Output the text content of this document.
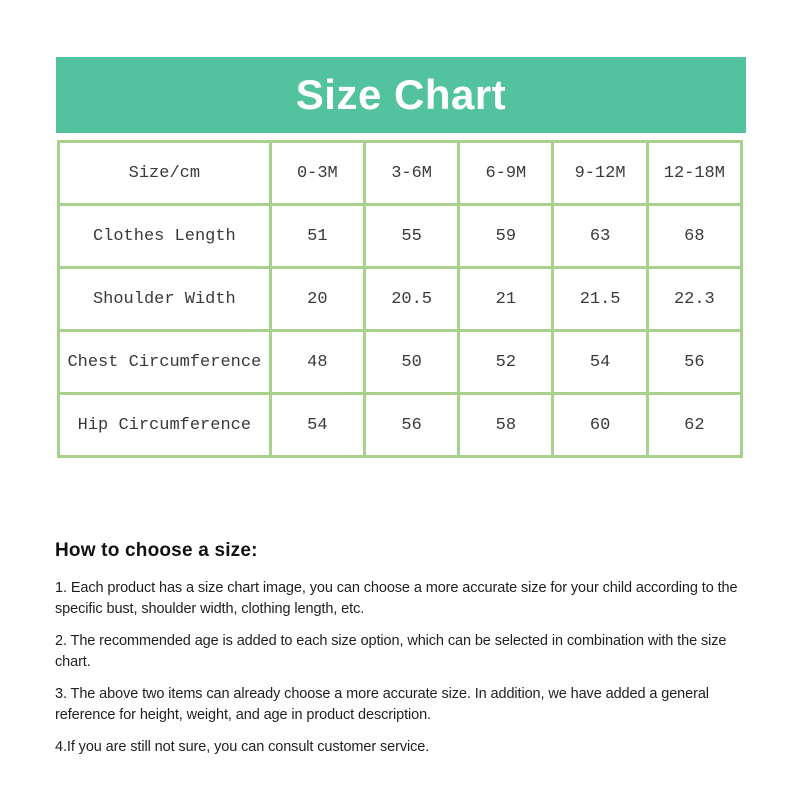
Size Chart
Size/cm	0-3M	3-6M	6-9M	9-12M	12-18M
Clothes Length	51	55	59	63	68
Shoulder Width	20	20.5	21	21.5	22.3
Chest Circumference	48	50	52	54	56
Hip Circumference	54	56	58	60	62
How to choose a size:

1. Each product has a size chart image, you can choose a more accurate size for your child according to the specific bust, shoulder width, clothing length, etc.

2. The recommended age is added to each size option, which can be selected in combination with the size chart.

3. The above two items can already choose a more accurate size. In addition, we have added a general reference for height, weight, and age in product description.

4.If you are still not sure, you can consult customer service.
